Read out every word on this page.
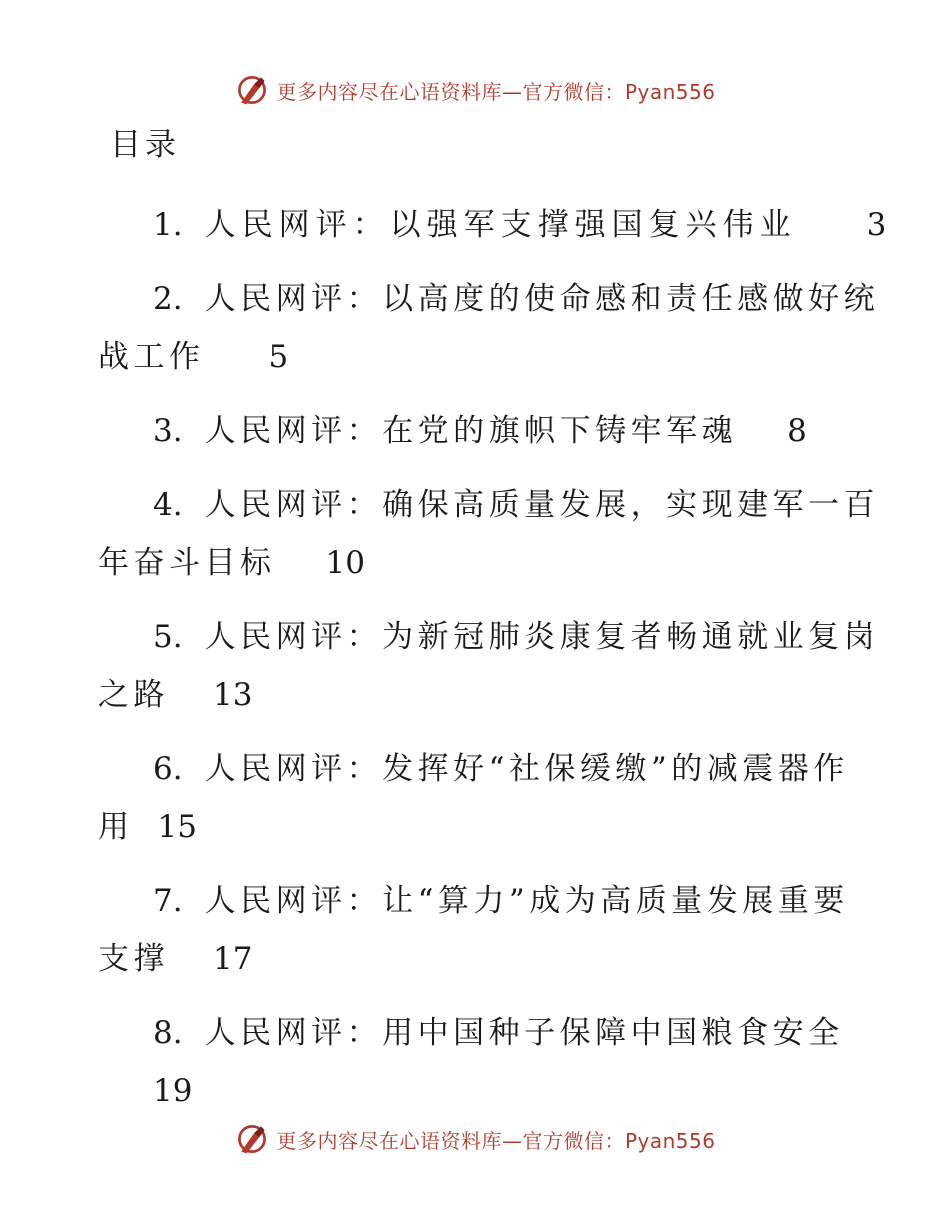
更多内容尽在心语资料库—官方微信：Pyan556
目录
1. 人民网评：以强军支撑强国复兴伟业 3
2. 人民网评：以高度的使命感和责任感做好统
战工作 5
3. 人民网评：在党的旗帜下铸牢军魂 8
4. 人民网评：确保高质量发展，实现建军一百
年奋斗目标 10
5. 人民网评：为新冠肺炎康复者畅通就业复岗
之路 13
6. 人民网评：发挥好“社保缓缴”的减震器作
用 15
7. 人民网评：让“算力”成为高质量发展重要
支撑 17
8. 人民网评：用中国种子保障中国粮食安全
19
更多内容尽在心语资料库—官方微信：Pyan556
